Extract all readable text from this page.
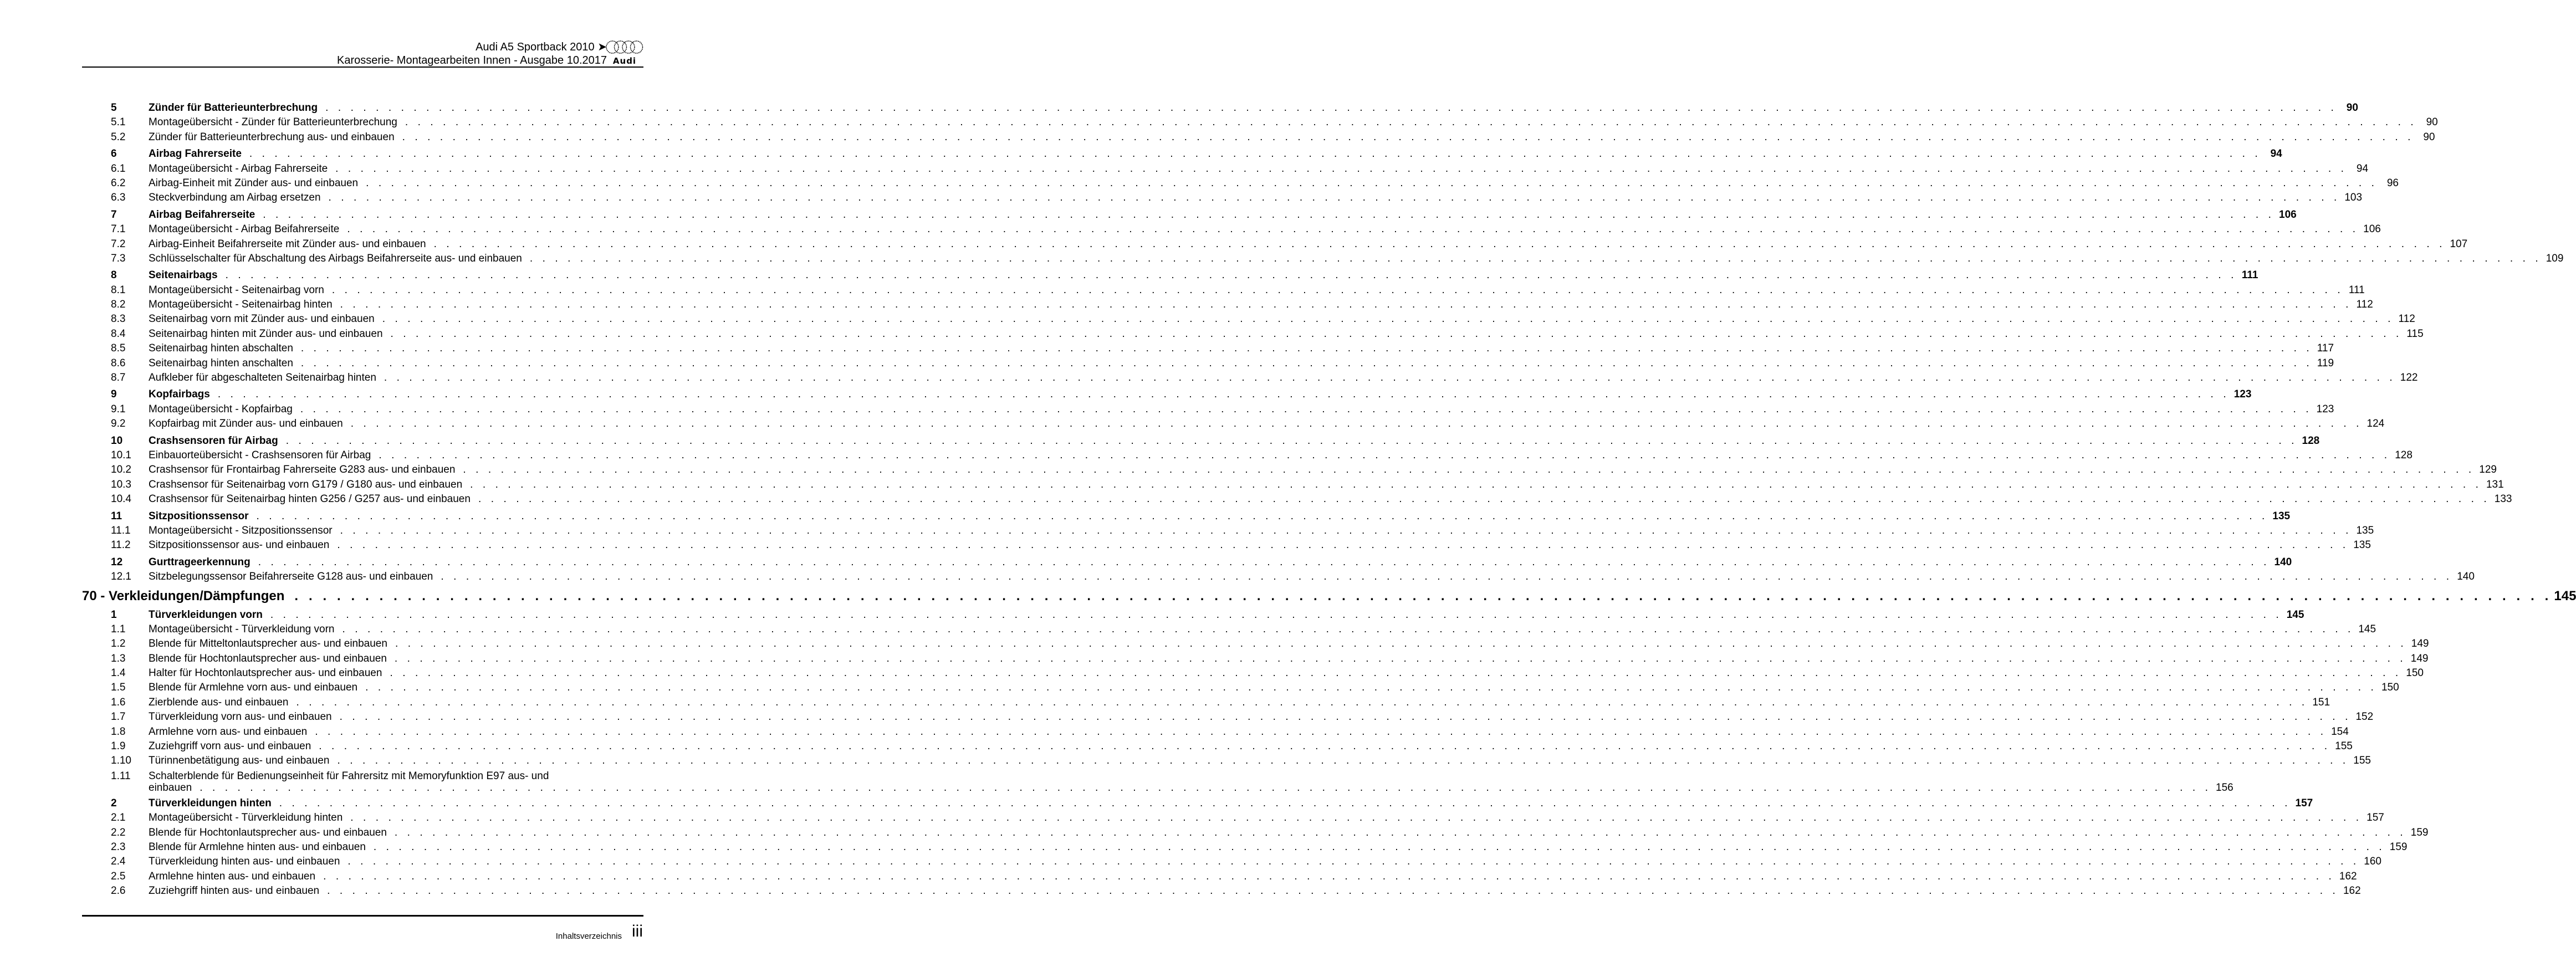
Audi A5 Sportback 2010 ➤
Karosserie- Montagearbeiten Innen - Ausgabe 10.2017 Audi
5	Zünder für Batterieunterbrechung . . . . . . . . . . . . . . . . . . . . . . . . . . . . . . . . . . . . . . . . . . . . . . . . . . . . . . . . . . . . . . . . . . . . . . . . . . . . . . . . . . . . . . . . . . . . . . . . . . . . . . . . . . . . . . . . . . . . . . . . . . . . . . . . . . . . . . . . . . . . . . . . . . . . . . . . . . . . . . . . 90
5.1	Montageübersicht - Zünder für Batterieunterbrechung . . . . . . . . . . . . . . . . . . . . . . . . . . . . . . . . . . . . . . . . . . . . . . . . . . . . . . . . . . . . . . . . . . . . . . . . . . . . . . . . . . . . . . . . . . . . . . . . . . . . . . . . . . . . . . . . . . . . . . . . . . . . . . . . . . . . . . . . . . . . . . . . . . . . . . . . . . . . . . . . 90
5.2	Zünder für Batterieunterbrechung aus- und einbauen . . . . . . . . . . . . . . . . . . . . . . . . . . . . . . . . . . . . . . . . . . . . . . . . . . . . . . . . . . . . . . . . . . . . . . . . . . . . . . . . . . . . . . . . . . . . . . . . . . . . . . . . . . . . . . . . . . . . . . . . . . . . . . . . . . . . . . . . . . . . . . . . . . . . . . . . . . . . . . . . 90
6	Airbag Fahrerseite . . . . . . . . . . . . . . . . . . . . . . . . . . . . . . . . . . . . . . . . . . . . . . . . . . . . . . . . . . . . . . . . . . . . . . . . . . . . . . . . . . . . . . . . . . . . . . . . . . . . . . . . . . . . . . . . . . . . . . . . . . . . . . . . . . . . . . . . . . . . . . . . . . . . . . . . . . . . . . . . 94
6.1	Montageübersicht - Airbag Fahrerseite . . . . . . . . . . . . . . . . . . . . . . . . . . . . . . . . . . . . . . . . . . . . . . . . . . . . . . . . . . . . . . . . . . . . . . . . . . . . . . . . . . . . . . . . . . . . . . . . . . . . . . . . . . . . . . . . . . . . . . . . . . . . . . . . . . . . . . . . . . . . . . . . . . . . . . . . . . . . . . . . 94
6.2	Airbag-Einheit mit Zünder aus- und einbauen . . . . . . . . . . . . . . . . . . . . . . . . . . . . . . . . . . . . . . . . . . . . . . . . . . . . . . . . . . . . . . . . . . . . . . . . . . . . . . . . . . . . . . . . . . . . . . . . . . . . . . . . . . . . . . . . . . . . . . . . . . . . . . . . . . . . . . . . . . . . . . . . . . . . . . . . . . . . . . . . 96
6.3	Steckverbindung am Airbag ersetzen . . . . . . . . . . . . . . . . . . . . . . . . . . . . . . . . . . . . . . . . . . . . . . . . . . . . . . . . . . . . . . . . . . . . . . . . . . . . . . . . . . . . . . . . . . . . . . . . . . . . . . . . . . . . . . . . . . . . . . . . . . . . . . . . . . . . . . . . . . . . . . . . . . . . . . . . . . . . . . . . 103
7	Airbag Beifahrerseite . . . . . . . . . . . . . . . . . . . . . . . . . . . . . . . . . . . . . . . . . . . . . . . . . . . . . . . . . . . . . . . . . . . . . . . . . . . . . . . . . . . . . . . . . . . . . . . . . . . . . . . . . . . . . . . . . . . . . . . . . . . . . . . . . . . . . . . . . . . . . . . . . . . . . . . . . . . . . . . . 106
7.1	Montageübersicht - Airbag Beifahrerseite . . . . . . . . . . . . . . . . . . . . . . . . . . . . . . . . . . . . . . . . . . . . . . . . . . . . . . . . . . . . . . . . . . . . . . . . . . . . . . . . . . . . . . . . . . . . . . . . . . . . . . . . . . . . . . . . . . . . . . . . . . . . . . . . . . . . . . . . . . . . . . . . . . . . . . . . . . . . . . . . 106
7.2	Airbag-Einheit Beifahrerseite mit Zünder aus- und einbauen . . . . . . . . . . . . . . . . . . . . . . . . . . . . . . . . . . . . . . . . . . . . . . . . . . . . . . . . . . . . . . . . . . . . . . . . . . . . . . . . . . . . . . . . . . . . . . . . . . . . . . . . . . . . . . . . . . . . . . . . . . . . . . . . . . . . . . . . . . . . . . . . . . . . . . . . . . . . . . . . 107
7.3	Schlüsselschalter für Abschaltung des Airbags Beifahrerseite aus- und einbauen . . . . . . . . . . . . . . . . . . . . . . . . . . . . . . . . . . . . . . . . . . . . . . . . . . . . . . . . . . . . . . . . . . . . . . . . . . . . . . . . . . . . . . . . . . . . . . . . . . . . . . . . . . . . . . . . . . . . . . . . . . . . . . . . . . . . . . . . . . . . . . . . . . . . . . . . . . . . . . . . 109
8	Seitenairbags . . . . . . . . . . . . . . . . . . . . . . . . . . . . . . . . . . . . . . . . . . . . . . . . . . . . . . . . . . . . . . . . . . . . . . . . . . . . . . . . . . . . . . . . . . . . . . . . . . . . . . . . . . . . . . . . . . . . . . . . . . . . . . . . . . . . . . . . . . . . . . . . . . . . . . . . . . . . . . . . 111
8.1	Montageübersicht - Seitenairbag vorn . . . . . . . . . . . . . . . . . . . . . . . . . . . . . . . . . . . . . . . . . . . . . . . . . . . . . . . . . . . . . . . . . . . . . . . . . . . . . . . . . . . . . . . . . . . . . . . . . . . . . . . . . . . . . . . . . . . . . . . . . . . . . . . . . . . . . . . . . . . . . . . . . . . . . . . . . . . . . . . . 111
8.2	Montageübersicht - Seitenairbag hinten . . . . . . . . . . . . . . . . . . . . . . . . . . . . . . . . . . . . . . . . . . . . . . . . . . . . . . . . . . . . . . . . . . . . . . . . . . . . . . . . . . . . . . . . . . . . . . . . . . . . . . . . . . . . . . . . . . . . . . . . . . . . . . . . . . . . . . . . . . . . . . . . . . . . . . . . . . . . . . . . 112
8.3	Seitenairbag vorn mit Zünder aus- und einbauen . . . . . . . . . . . . . . . . . . . . . . . . . . . . . . . . . . . . . . . . . . . . . . . . . . . . . . . . . . . . . . . . . . . . . . . . . . . . . . . . . . . . . . . . . . . . . . . . . . . . . . . . . . . . . . . . . . . . . . . . . . . . . . . . . . . . . . . . . . . . . . . . . . . . . . . . . . . . . . . . 112
8.4	Seitenairbag hinten mit Zünder aus- und einbauen . . . . . . . . . . . . . . . . . . . . . . . . . . . . . . . . . . . . . . . . . . . . . . . . . . . . . . . . . . . . . . . . . . . . . . . . . . . . . . . . . . . . . . . . . . . . . . . . . . . . . . . . . . . . . . . . . . . . . . . . . . . . . . . . . . . . . . . . . . . . . . . . . . . . . . . . . . . . . . . . 115
8.5	Seitenairbag hinten abschalten . . . . . . . . . . . . . . . . . . . . . . . . . . . . . . . . . . . . . . . . . . . . . . . . . . . . . . . . . . . . . . . . . . . . . . . . . . . . . . . . . . . . . . . . . . . . . . . . . . . . . . . . . . . . . . . . . . . . . . . . . . . . . . . . . . . . . . . . . . . . . . . . . . . . . . . . . . . . . . . . 117
8.6	Seitenairbag hinten anschalten . . . . . . . . . . . . . . . . . . . . . . . . . . . . . . . . . . . . . . . . . . . . . . . . . . . . . . . . . . . . . . . . . . . . . . . . . . . . . . . . . . . . . . . . . . . . . . . . . . . . . . . . . . . . . . . . . . . . . . . . . . . . . . . . . . . . . . . . . . . . . . . . . . . . . . . . . . . . . . . . 119
8.7	Aufkleber für abgeschalteten Seitenairbag hinten . . . . . . . . . . . . . . . . . . . . . . . . . . . . . . . . . . . . . . . . . . . . . . . . . . . . . . . . . . . . . . . . . . . . . . . . . . . . . . . . . . . . . . . . . . . . . . . . . . . . . . . . . . . . . . . . . . . . . . . . . . . . . . . . . . . . . . . . . . . . . . . . . . . . . . . . . . . . . . . . 122
9	Kopfairbags . . . . . . . . . . . . . . . . . . . . . . . . . . . . . . . . . . . . . . . . . . . . . . . . . . . . . . . . . . . . . . . . . . . . . . . . . . . . . . . . . . . . . . . . . . . . . . . . . . . . . . . . . . . . . . . . . . . . . . . . . . . . . . . . . . . . . . . . . . . . . . . . . . . . . . . . . . . . . . . . 123
9.1	Montageübersicht - Kopfairbag . . . . . . . . . . . . . . . . . . . . . . . . . . . . . . . . . . . . . . . . . . . . . . . . . . . . . . . . . . . . . . . . . . . . . . . . . . . . . . . . . . . . . . . . . . . . . . . . . . . . . . . . . . . . . . . . . . . . . . . . . . . . . . . . . . . . . . . . . . . . . . . . . . . . . . . . . . . . . . . . 123
9.2	Kopfairbag mit Zünder aus- und einbauen . . . . . . . . . . . . . . . . . . . . . . . . . . . . . . . . . . . . . . . . . . . . . . . . . . . . . . . . . . . . . . . . . . . . . . . . . . . . . . . . . . . . . . . . . . . . . . . . . . . . . . . . . . . . . . . . . . . . . . . . . . . . . . . . . . . . . . . . . . . . . . . . . . . . . . . . . . . . . . . . 124
10	Crashsensoren für Airbag . . . . . . . . . . . . . . . . . . . . . . . . . . . . . . . . . . . . . . . . . . . . . . . . . . . . . . . . . . . . . . . . . . . . . . . . . . . . . . . . . . . . . . . . . . . . . . . . . . . . . . . . . . . . . . . . . . . . . . . . . . . . . . . . . . . . . . . . . . . . . . . . . . . . . . . . . . . . . . . . 128
10.1	Einbauorteübersicht - Crashsensoren für Airbag . . . . . . . . . . . . . . . . . . . . . . . . . . . . . . . . . . . . . . . . . . . . . . . . . . . . . . . . . . . . . . . . . . . . . . . . . . . . . . . . . . . . . . . . . . . . . . . . . . . . . . . . . . . . . . . . . . . . . . . . . . . . . . . . . . . . . . . . . . . . . . . . . . . . . . . . . . . . . . . . 128
10.2	Crashsensor für Frontairbag Fahrerseite G283 aus- und einbauen . . . . . . . . . . . . . . . . . . . . . . . . . . . . . . . . . . . . . . . . . . . . . . . . . . . . . . . . . . . . . . . . . . . . . . . . . . . . . . . . . . . . . . . . . . . . . . . . . . . . . . . . . . . . . . . . . . . . . . . . . . . . . . . . . . . . . . . . . . . . . . . . . . . . . . . . . . . . . . . . 129
10.3	Crashsensor für Seitenairbag vorn G179 / G180 aus- und einbauen . . . . . . . . . . . . . . . . . . . . . . . . . . . . . . . . . . . . . . . . . . . . . . . . . . . . . . . . . . . . . . . . . . . . . . . . . . . . . . . . . . . . . . . . . . . . . . . . . . . . . . . . . . . . . . . . . . . . . . . . . . . . . . . . . . . . . . . . . . . . . . . . . . . . . . . . . . . . . . . . 131
10.4	Crashsensor für Seitenairbag hinten G256 / G257 aus- und einbauen . . . . . . . . . . . . . . . . . . . . . . . . . . . . . . . . . . . . . . . . . . . . . . . . . . . . . . . . . . . . . . . . . . . . . . . . . . . . . . . . . . . . . . . . . . . . . . . . . . . . . . . . . . . . . . . . . . . . . . . . . . . . . . . . . . . . . . . . . . . . . . . . . . . . . . . . . . . . . . . . 133
11	Sitzpositionssensor . . . . . . . . . . . . . . . . . . . . . . . . . . . . . . . . . . . . . . . . . . . . . . . . . . . . . . . . . . . . . . . . . . . . . . . . . . . . . . . . . . . . . . . . . . . . . . . . . . . . . . . . . . . . . . . . . . . . . . . . . . . . . . . . . . . . . . . . . . . . . . . . . . . . . . . . . . . . . . . . 135
11.1	Montageübersicht - Sitzpositionssensor . . . . . . . . . . . . . . . . . . . . . . . . . . . . . . . . . . . . . . . . . . . . . . . . . . . . . . . . . . . . . . . . . . . . . . . . . . . . . . . . . . . . . . . . . . . . . . . . . . . . . . . . . . . . . . . . . . . . . . . . . . . . . . . . . . . . . . . . . . . . . . . . . . . . . . . . . . . . . . . . 135
11.2	Sitzpositionssensor aus- und einbauen . . . . . . . . . . . . . . . . . . . . . . . . . . . . . . . . . . . . . . . . . . . . . . . . . . . . . . . . . . . . . . . . . . . . . . . . . . . . . . . . . . . . . . . . . . . . . . . . . . . . . . . . . . . . . . . . . . . . . . . . . . . . . . . . . . . . . . . . . . . . . . . . . . . . . . . . . . . . . . . . 135
12	Gurttrageerkennung . . . . . . . . . . . . . . . . . . . . . . . . . . . . . . . . . . . . . . . . . . . . . . . . . . . . . . . . . . . . . . . . . . . . . . . . . . . . . . . . . . . . . . . . . . . . . . . . . . . . . . . . . . . . . . . . . . . . . . . . . . . . . . . . . . . . . . . . . . . . . . . . . . . . . . . . . . . . . . . . 140
12.1	Sitzbelegungssensor Beifahrerseite G128 aus- und einbauen . . . . . . . . . . . . . . . . . . . . . . . . . . . . . . . . . . . . . . . . . . . . . . . . . . . . . . . . . . . . . . . . . . . . . . . . . . . . . . . . . . . . . . . . . . . . . . . . . . . . . . . . . . . . . . . . . . . . . . . . . . . . . . . . . . . . . . . . . . . . . . . . . . . . . . . . . . . . . . . . 140
70 - Verkleidungen/Dämpfungen . . . . . . . . . . . . . . . . . . . . . . . . . . . . . . . . . . . . . . . . . . . . . . . . . . . . . . . . . . . . . . . . . . . . . . . . . . . . . . . . . . . . . . . . . . . . . . . . . . . . . . . . . . . . . . . . . . . . . . . . . . . . . . . . . . . . . . . . . . . . . . . . . . . . . . . . . . . . . . . . 145
1	Türverkleidungen vorn . . . . . . . . . . . . . . . . . . . . . . . . . . . . . . . . . . . . . . . . . . . . . . . . . . . . . . . . . . . . . . . . . . . . . . . . . . . . . . . . . . . . . . . . . . . . . . . . . . . . . . . . . . . . . . . . . . . . . . . . . . . . . . . . . . . . . . . . . . . . . . . . . . . . . . . . . . . . . . . . 145
1.1	Montageübersicht - Türverkleidung vorn . . . . . . . . . . . . . . . . . . . . . . . . . . . . . . . . . . . . . . . . . . . . . . . . . . . . . . . . . . . . . . . . . . . . . . . . . . . . . . . . . . . . . . . . . . . . . . . . . . . . . . . . . . . . . . . . . . . . . . . . . . . . . . . . . . . . . . . . . . . . . . . . . . . . . . . . . . . . . . . . 145
1.2	Blende für Mitteltonlautsprecher aus- und einbauen . . . . . . . . . . . . . . . . . . . . . . . . . . . . . . . . . . . . . . . . . . . . . . . . . . . . . . . . . . . . . . . . . . . . . . . . . . . . . . . . . . . . . . . . . . . . . . . . . . . . . . . . . . . . . . . . . . . . . . . . . . . . . . . . . . . . . . . . . . . . . . . . . . . . . . . . . . . . . . . . 149
1.3	Blende für Hochtonlautsprecher aus- und einbauen . . . . . . . . . . . . . . . . . . . . . . . . . . . . . . . . . . . . . . . . . . . . . . . . . . . . . . . . . . . . . . . . . . . . . . . . . . . . . . . . . . . . . . . . . . . . . . . . . . . . . . . . . . . . . . . . . . . . . . . . . . . . . . . . . . . . . . . . . . . . . . . . . . . . . . . . . . . . . . . . 149
1.4	Halter für Hochtonlautsprecher aus- und einbauen . . . . . . . . . . . . . . . . . . . . . . . . . . . . . . . . . . . . . . . . . . . . . . . . . . . . . . . . . . . . . . . . . . . . . . . . . . . . . . . . . . . . . . . . . . . . . . . . . . . . . . . . . . . . . . . . . . . . . . . . . . . . . . . . . . . . . . . . . . . . . . . . . . . . . . . . . . . . . . . . 150
1.5	Blende für Armlehne vorn aus- und einbauen . . . . . . . . . . . . . . . . . . . . . . . . . . . . . . . . . . . . . . . . . . . . . . . . . . . . . . . . . . . . . . . . . . . . . . . . . . . . . . . . . . . . . . . . . . . . . . . . . . . . . . . . . . . . . . . . . . . . . . . . . . . . . . . . . . . . . . . . . . . . . . . . . . . . . . . . . . . . . . . . 150
1.6	Zierblende aus- und einbauen . . . . . . . . . . . . . . . . . . . . . . . . . . . . . . . . . . . . . . . . . . . . . . . . . . . . . . . . . . . . . . . . . . . . . . . . . . . . . . . . . . . . . . . . . . . . . . . . . . . . . . . . . . . . . . . . . . . . . . . . . . . . . . . . . . . . . . . . . . . . . . . . . . . . . . . . . . . . . . . . 151
1.7	Türverkleidung vorn aus- und einbauen . . . . . . . . . . . . . . . . . . . . . . . . . . . . . . . . . . . . . . . . . . . . . . . . . . . . . . . . . . . . . . . . . . . . . . . . . . . . . . . . . . . . . . . . . . . . . . . . . . . . . . . . . . . . . . . . . . . . . . . . . . . . . . . . . . . . . . . . . . . . . . . . . . . . . . . . . . . . . . . . 152
1.8	Armlehne vorn aus- und einbauen . . . . . . . . . . . . . . . . . . . . . . . . . . . . . . . . . . . . . . . . . . . . . . . . . . . . . . . . . . . . . . . . . . . . . . . . . . . . . . . . . . . . . . . . . . . . . . . . . . . . . . . . . . . . . . . . . . . . . . . . . . . . . . . . . . . . . . . . . . . . . . . . . . . . . . . . . . . . . . . . 154
1.9	Zuziehgriff vorn aus- und einbauen . . . . . . . . . . . . . . . . . . . . . . . . . . . . . . . . . . . . . . . . . . . . . . . . . . . . . . . . . . . . . . . . . . . . . . . . . . . . . . . . . . . . . . . . . . . . . . . . . . . . . . . . . . . . . . . . . . . . . . . . . . . . . . . . . . . . . . . . . . . . . . . . . . . . . . . . . . . . . . . . 155
1.10	Türinnenbetätigung aus- und einbauen . . . . . . . . . . . . . . . . . . . . . . . . . . . . . . . . . . . . . . . . . . . . . . . . . . . . . . . . . . . . . . . . . . . . . . . . . . . . . . . . . . . . . . . . . . . . . . . . . . . . . . . . . . . . . . . . . . . . . . . . . . . . . . . . . . . . . . . . . . . . . . . . . . . . . . . . . . . . . . . . 155
1.11	Schalterblende für Bedienungseinheit für Fahrersitz mit Memoryfunktion E97 aus- und
einbauen . . . . . . . . . . . . . . . . . . . . . . . . . . . . . . . . . . . . . . . . . . . . . . . . . . . . . . . . . . . . . . . . . . . . . . . . . . . . . . . . . . . . . . . . . . . . . . . . . . . . . . . . . . . . . . . . . . . . . . . . . . . . . . . . . . . . . . . . . . . . . . . . . . . . . . . . . . . . . . . . 156
2	Türverkleidungen hinten . . . . . . . . . . . . . . . . . . . . . . . . . . . . . . . . . . . . . . . . . . . . . . . . . . . . . . . . . . . . . . . . . . . . . . . . . . . . . . . . . . . . . . . . . . . . . . . . . . . . . . . . . . . . . . . . . . . . . . . . . . . . . . . . . . . . . . . . . . . . . . . . . . . . . . . . . . . . . . . . 157
2.1	Montageübersicht - Türverkleidung hinten . . . . . . . . . . . . . . . . . . . . . . . . . . . . . . . . . . . . . . . . . . . . . . . . . . . . . . . . . . . . . . . . . . . . . . . . . . . . . . . . . . . . . . . . . . . . . . . . . . . . . . . . . . . . . . . . . . . . . . . . . . . . . . . . . . . . . . . . . . . . . . . . . . . . . . . . . . . . . . . . 157
2.2	Blende für Hochtonlautsprecher aus- und einbauen . . . . . . . . . . . . . . . . . . . . . . . . . . . . . . . . . . . . . . . . . . . . . . . . . . . . . . . . . . . . . . . . . . . . . . . . . . . . . . . . . . . . . . . . . . . . . . . . . . . . . . . . . . . . . . . . . . . . . . . . . . . . . . . . . . . . . . . . . . . . . . . . . . . . . . . . . . . . . . . . 159
2.3	Blende für Armlehne hinten aus- und einbauen . . . . . . . . . . . . . . . . . . . . . . . . . . . . . . . . . . . . . . . . . . . . . . . . . . . . . . . . . . . . . . . . . . . . . . . . . . . . . . . . . . . . . . . . . . . . . . . . . . . . . . . . . . . . . . . . . . . . . . . . . . . . . . . . . . . . . . . . . . . . . . . . . . . . . . . . . . . . . . . . 159
2.4	Türverkleidung hinten aus- und einbauen . . . . . . . . . . . . . . . . . . . . . . . . . . . . . . . . . . . . . . . . . . . . . . . . . . . . . . . . . . . . . . . . . . . . . . . . . . . . . . . . . . . . . . . . . . . . . . . . . . . . . . . . . . . . . . . . . . . . . . . . . . . . . . . . . . . . . . . . . . . . . . . . . . . . . . . . . . . . . . . . 160
2.5	Armlehne hinten aus- und einbauen . . . . . . . . . . . . . . . . . . . . . . . . . . . . . . . . . . . . . . . . . . . . . . . . . . . . . . . . . . . . . . . . . . . . . . . . . . . . . . . . . . . . . . . . . . . . . . . . . . . . . . . . . . . . . . . . . . . . . . . . . . . . . . . . . . . . . . . . . . . . . . . . . . . . . . . . . . . . . . . . 162
2.6	Zuziehgriff hinten aus- und einbauen . . . . . . . . . . . . . . . . . . . . . . . . . . . . . . . . . . . . . . . . . . . . . . . . . . . . . . . . . . . . . . . . . . . . . . . . . . . . . . . . . . . . . . . . . . . . . . . . . . . . . . . . . . . . . . . . . . . . . . . . . . . . . . . . . . . . . . . . . . . . . . . . . . . . . . . . . . . . . . . . 162
Inhaltsverzeichnis iii
